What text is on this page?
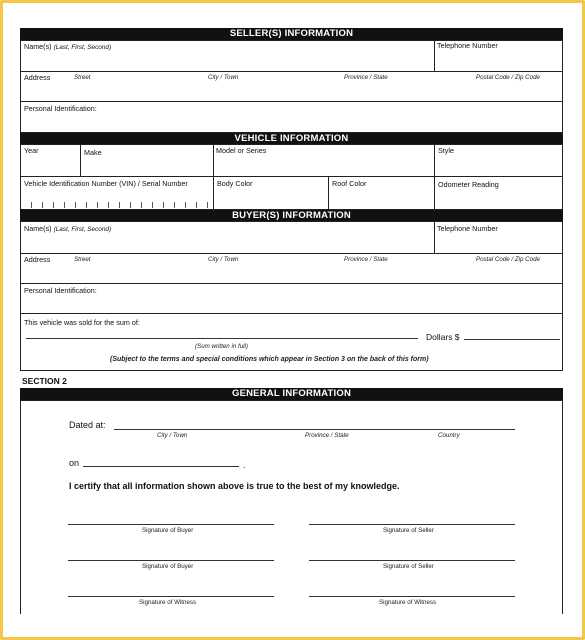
SELLER(S) INFORMATION
Name(s) (Last, First, Second)	Telephone Number
Address	Street	City / Town	Province / State	Postal Code / Zip Code
Personal Identification:
VEHICLE INFORMATION
Year	Make	Model or Series	Style
Vehicle Identification Number (VIN) / Serial Number	Body Color	Roof Color	Odometer Reading
BUYER(S) INFORMATION
Name(s) (Last, First, Second)	Telephone Number
Address	Street	City / Town	Province / State	Postal Code / Zip Code
Personal Identification:
This vehicle was sold for the sum of:
Dollars $
(Sum written in full)
(Subject to the terms and special conditions which appear in Section 3 on the back of this form)
SECTION 2
GENERAL INFORMATION
Dated at:
City / Town	Province / State	Country
on	.
I certify that all information shown above is true to the best of my knowledge.
Signature of Buyer	Signature of Seller
Signature of Buyer	Signature of Seller
Signature of Witness	Signature of Witness
